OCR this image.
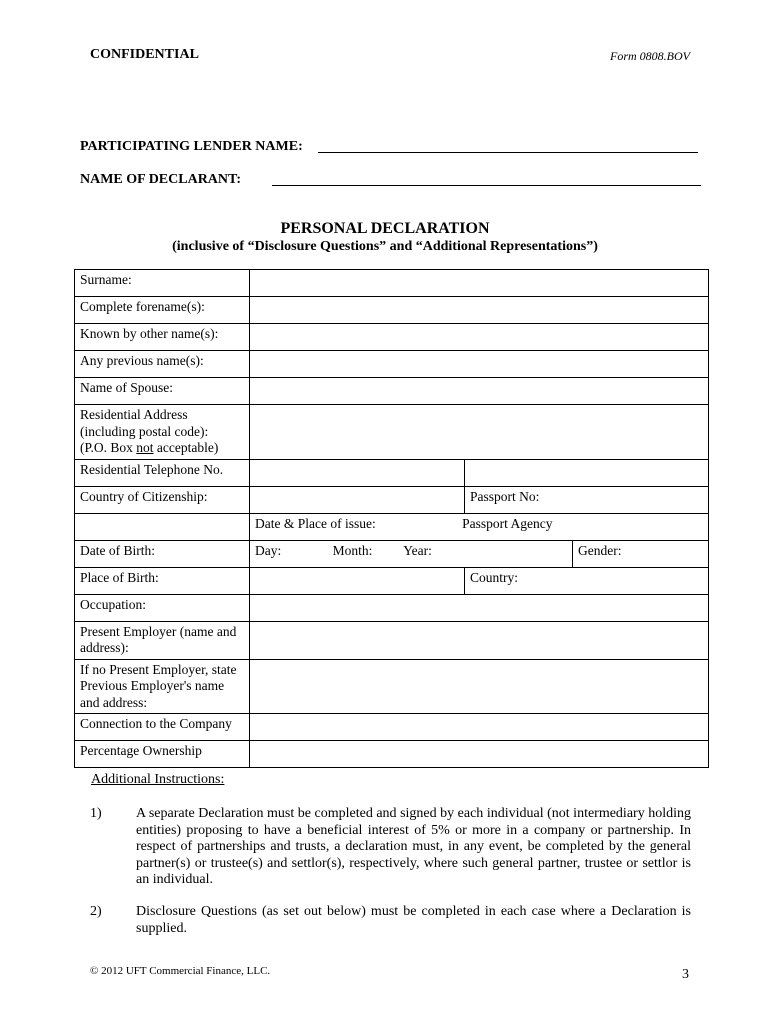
CONFIDENTIAL	Form 0808.BOV
PARTICIPATING LENDER NAME:
NAME OF DECLARANT:
PERSONAL DECLARATION
(inclusive of “Disclosure Questions” and “Additional Representations”)
Surname:			
Complete forename(s):			
Known by other name(s):			
Any previous name(s):			
Name of Spouse:			

Residential Address
(including postal code):
(P.O. Box not acceptable)			

Residential Telephone No.			
Country of Citizenship:		Passport No:	
	Date & Place of issue: Passport Agency		
Date of Birth:	Day: Month: Year:		Gender:
Place of Birth:		Country:	
Occupation:			

Present Employer (name and
address):			

If no Present Employer, state
Previous Employer's name
and address:			

Connection to the Company			
Percentage Ownership			
Additional Instructions:
1) A separate Declaration must be completed and signed by each individual (not intermediary holding entities) proposing to have a beneficial interest of 5% or more in a company or partnership. In respect of partnerships and trusts, a declaration must, in any event, be completed by the general partner(s) or trustee(s) and settlor(s), respectively, where such general partner, trustee or settlor is an individual.
2) Disclosure Questions (as set out below) must be completed in each case where a Declaration is supplied.
© 2012 UFT Commercial Finance, LLC.	3
